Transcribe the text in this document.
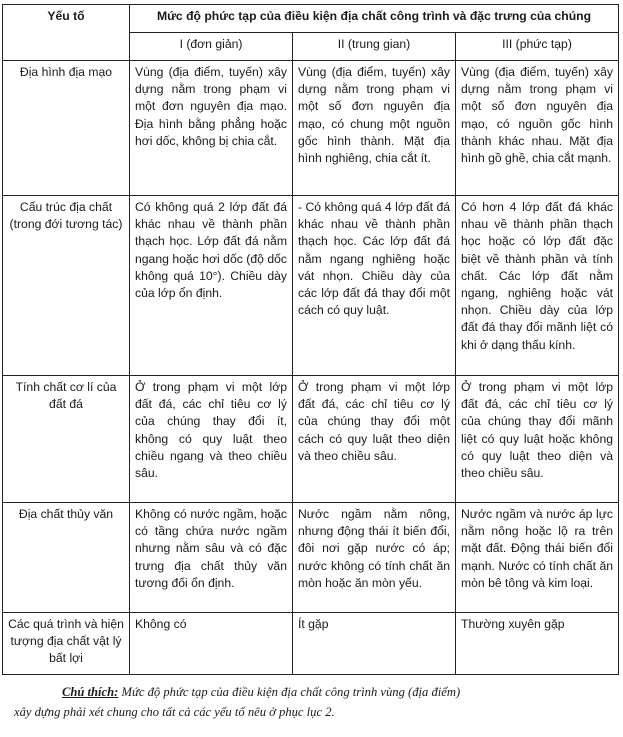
Yếu tố	Mức độ phức tạp của điều kiện địa chất công trình và đặc trưng của chúng		
	I (đơn giản)	II (trung gian)	III (phức tạp)
Địa hình địa mạo	Vùng (địa điểm, tuyến) xây dựng nằm trong phạm vi một đơn nguyên địa mạo. Địa hình bằng phẳng hoặc hơi dốc, không bị chia cắt.	Vùng (địa điểm, tuyến) xây dựng nằm trong phạm vi một số đơn nguyên địa mạo, có chung một nguồn gốc hình thành. Mặt địa hình nghiêng, chia cắt ít.	Vùng (địa điểm, tuyến) xây dựng nằm trong phạm vi một số đơn nguyên địa mạo, có nguồn gốc hình thành khác nhau. Mặt địa hình gồ ghề, chia cắt mạnh.
Cấu trúc địa chất (trong đới tương tác)	Có không quá 2 lớp đất đá khác nhau về thành phần thạch học. Lớp đất đá nằm ngang hoặc hơi dốc (độ dốc không quá 10°). Chiều dày của lớp ổn định.	- Có không quá 4 lớp đất đá khác nhau về thành phần thạch học. Các lớp đất đá nằm ngang nghiêng hoặc vát nhọn. Chiều dày của các lớp đất đá thay đổi một cách có quy luật.	Có hơn 4 lớp đất đá khác nhau về thành phần thạch học hoặc có lớp đất đặc biệt về thành phần và tính chất. Các lớp đất nằm ngang, nghiêng hoặc vát nhọn. Chiều dày của lớp đất đá thay đổi mãnh liệt có khi ở dạng thấu kính.
Tính chất cơ lí của đất đá	Ở trong phạm vi một lớp đất đá, các chỉ tiêu cơ lý của chúng thay đổi ít, không có quy luật theo chiều ngang và theo chiều sâu.	Ở trong phạm vi một lớp đất đá, các chỉ tiêu cơ lý của chúng thay đổi một cách có quy luật theo diện và theo chiều sâu.	Ở trong phạm vi một lớp đất đá, các chỉ tiêu cơ lý của chúng thay đổi mãnh liệt có quy luật hoặc không có quy luật theo diện và theo chiều sâu.
Địa chất thủy văn	Không có nước ngầm, hoặc có tầng chứa nước ngầm nhưng nằm sâu và có đặc trưng địa chất thủy văn tương đối ổn định.	Nước ngầm nằm nông, nhưng động thái ít biến đổi, đôi nơi gặp nước có áp; nước không có tính chất ăn mòn hoặc ăn mòn yếu.	Nước ngầm và nước áp lực nằm nông hoặc lộ ra trên mặt đất. Động thái biến đổi mạnh. Nước có tính chất ăn mòn bê tông và kim loại.
Các quá trình và hiện tượng địa chất vật lý bất lợi	Không có	Ít gặp	Thường xuyên gặp
Chú thích: Mức độ phức tạp của điều kiện địa chất công trình vùng (địa điểm)
xây dựng phải xét chung cho tất cả các yếu tố nêu ở phục lục 2.
